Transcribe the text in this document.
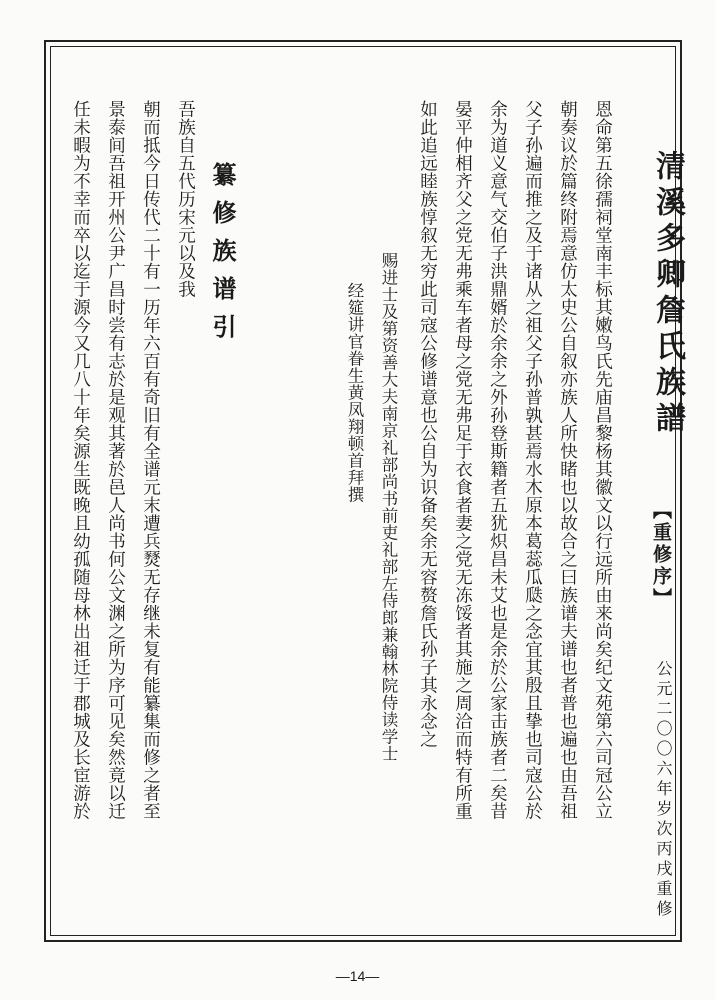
清溪多卿詹氏族譜
【重修序】
公元二〇〇六年岁次丙戌重修
恩命第五徐孺祠堂南丰标其嫩鸟氏先庙昌黎杨其徽文以行远所由来尚矣纪文苑第六司冠公立
朝奏议於篇终附焉意仿太史公自叙亦族人所快睹也以故合之曰族谱夫谱也者普也遍也由吾祖
父子孙遍而推之及于诸从之祖父子孙普孰甚焉水木原本葛蕊瓜瓞之念宜其殷且挚也司寇公於
余为道义意气交伯子洪鼎婿於余余之外孙登斯籍者五犹炽昌未艾也是余於公家击族者二矣昔
晏平仲相齐父之党无弗乘车者母之党无弗足于衣食者妻之党无冻馁者其施之周洽而特有所重
如此追远睦族惇叙无穷此司寇公修谱意也公自为识备矣余无容赘詹氏孙子其永念之
赐进士及第资善大夫南京礼部尚书前吏礼部左侍郎兼翰林院侍读学士
经筵讲官眷生黄凤翔顿首拜撰
纂修族谱引
吾族自五代历宋元以及我
朝而抵今日传代二十有一历年六百有奇旧有全谱元末遭兵燹无存继未复有能纂集而修之者至
景泰间吾祖开州公尹广昌时尝有志於是观其著於邑人尚书何公文渊之所为序可见矣然竟以迁
任未暇为不幸而卒以迄于源今又几八十年矣源生既晚且幼孤随母林出祖迁于郡城及长宦游於
—14—
